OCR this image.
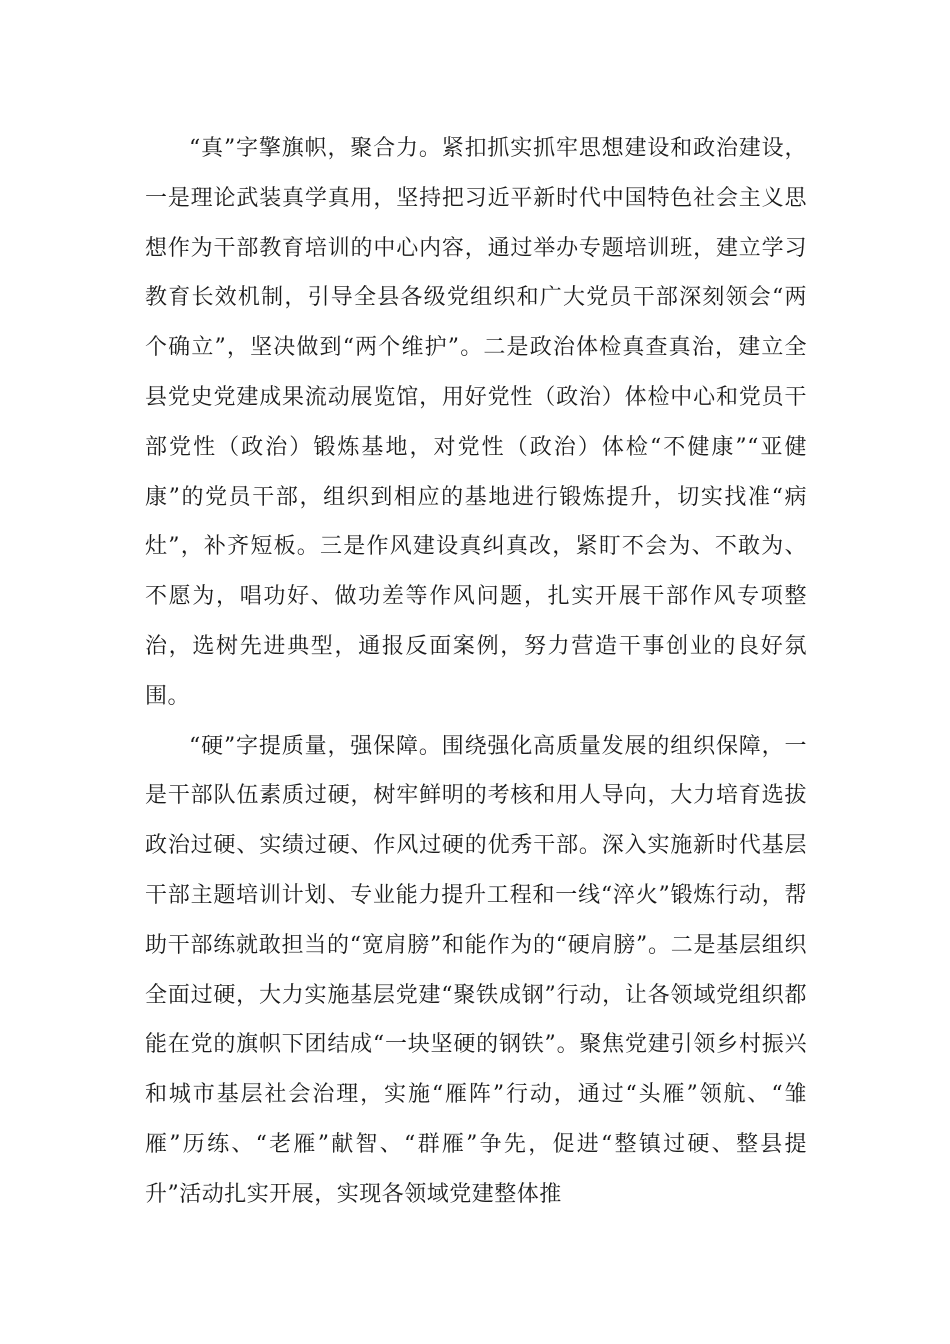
“真”字擎旗帜，聚合力。紧扣抓实抓牢思想建设和政治建设，一是理论武装真学真用，坚持把习近平新时代中国特色社会主义思想作为干部教育培训的中心内容，通过举办专题培训班，建立学习教育长效机制，引导全县各级党组织和广大党员干部深刻领会“两个确立”，坚决做到“两个维护”。二是政治体检真查真治，建立全县党史党建成果流动展览馆，用好党性（政治）体检中心和党员干部党性（政治）锻炼基地，对党性（政治）体检“不健康”“亚健康”的党员干部，组织到相应的基地进行锻炼提升，切实找准“病灶”，补齐短板。三是作风建设真纠真改，紧盯不会为、不敢为、不愿为，唱功好、做功差等作风问题，扎实开展干部作风专项整治，选树先进典型，通报反面案例，努力营造干事创业的良好氛围。

“硬”字提质量，强保障。围绕强化高质量发展的组织保障，一是干部队伍素质过硬，树牢鲜明的考核和用人导向，大力培育选拔政治过硬、实绩过硬、作风过硬的优秀干部。深入实施新时代基层干部主题培训计划、专业能力提升工程和一线“淬火”锻炼行动，帮助干部练就敢担当的“宽肩膀”和能作为的“硬肩膀”。二是基层组织全面过硬，大力实施基层党建“聚铁成钢”行动，让各领域党组织都能在党的旗帜下团结成“一块坚硬的钢铁”。聚焦党建引领乡村振兴和城市基层社会治理，实施“雁阵”行动，通过“头雁”领航、“雏雁”历练、“老雁”献智、“群雁”争先，促进“整镇过硬、整县提升”活动扎实开展，实现各领域党建整体推
